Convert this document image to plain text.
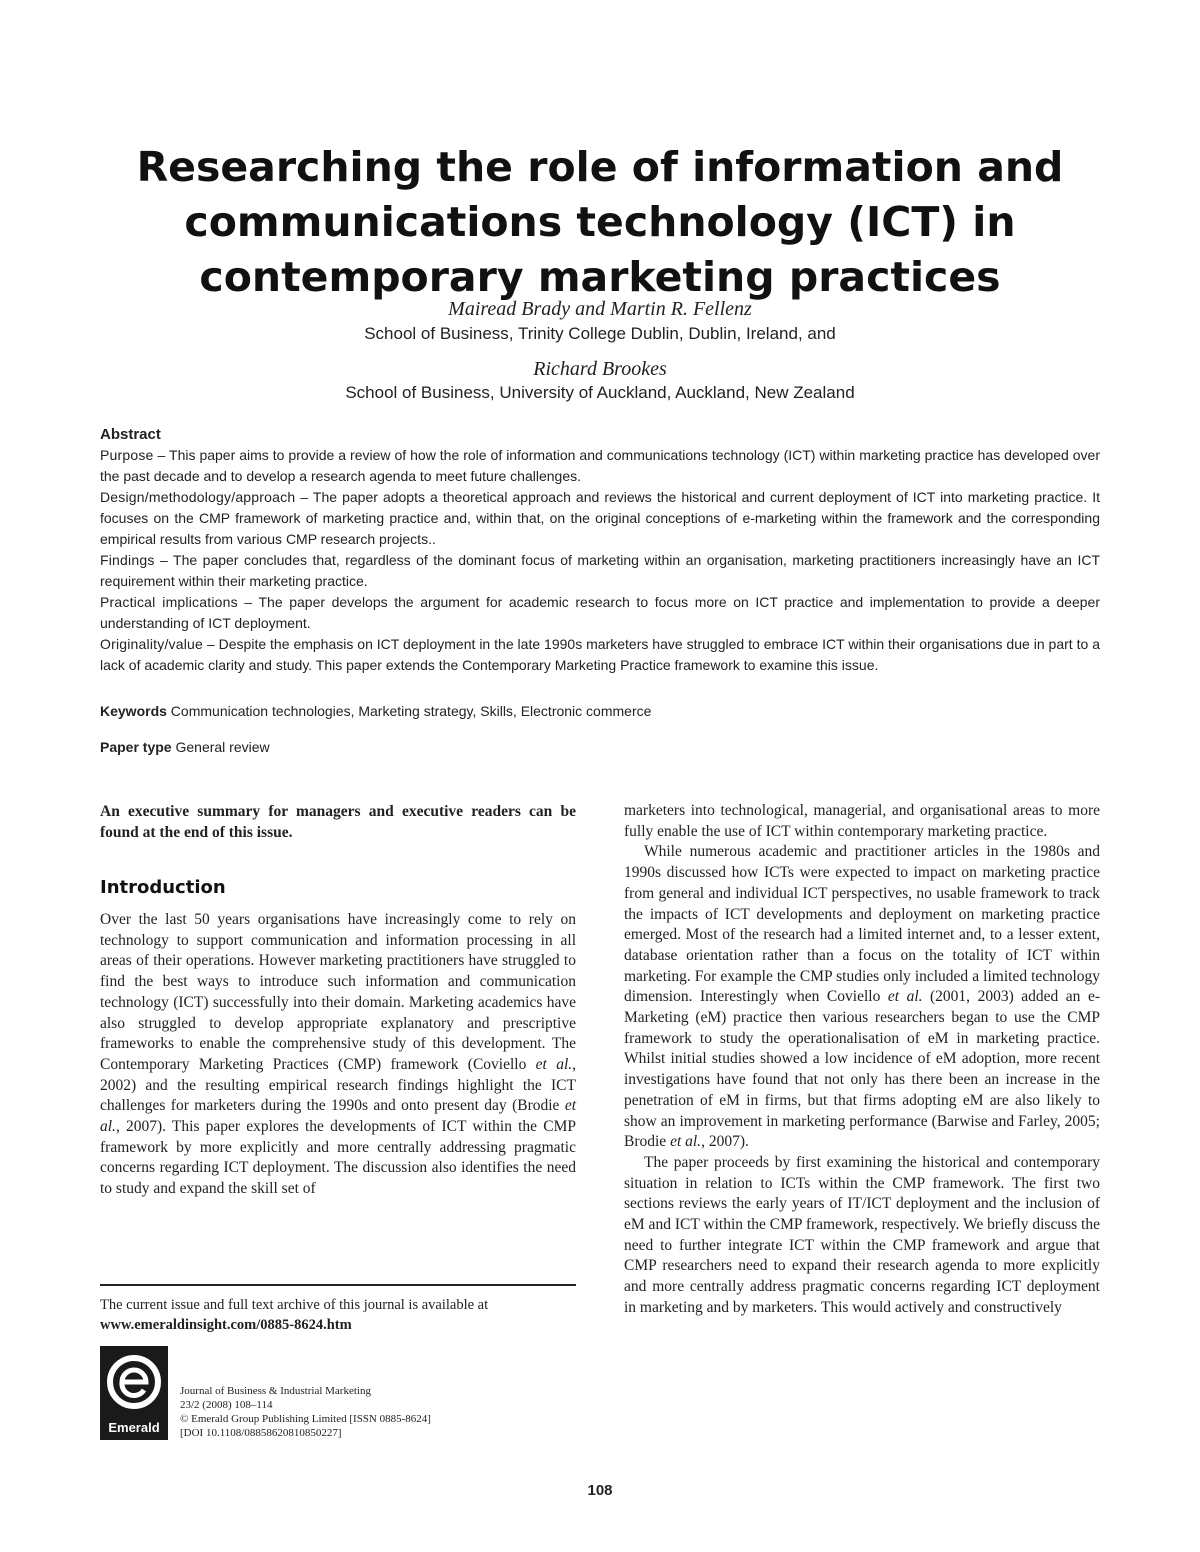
Researching the role of information and
communications technology (ICT) in
contemporary marketing practices
Mairead Brady and Martin R. Fellenz
School of Business, Trinity College Dublin, Dublin, Ireland, and
Richard Brookes
School of Business, University of Auckland, Auckland, New Zealand
Abstract

Purpose – This paper aims to provide a review of how the role of information and communications technology (ICT) within marketing practice has developed over the past decade and to develop a research agenda to meet future challenges.

Design/methodology/approach – The paper adopts a theoretical approach and reviews the historical and current deployment of ICT into marketing practice. It focuses on the CMP framework of marketing practice and, within that, on the original conceptions of e-marketing within the framework and the corresponding empirical results from various CMP research projects..

Findings – The paper concludes that, regardless of the dominant focus of marketing within an organisation, marketing practitioners increasingly have an ICT requirement within their marketing practice.

Practical implications – The paper develops the argument for academic research to focus more on ICT practice and implementation to provide a deeper understanding of ICT deployment.

Originality/value – Despite the emphasis on ICT deployment in the late 1990s marketers have struggled to embrace ICT within their organisations due in part to a lack of academic clarity and study. This paper extends the Contemporary Marketing Practice framework to examine this issue.

Keywords Communication technologies, Marketing strategy, Skills, Electronic commerce
Paper type General review
An executive summary for managers and executive readers can be found at the end of this issue.
Introduction

Over the last 50 years organisations have increasingly come to rely on technology to support communication and information processing in all areas of their operations. However marketing practitioners have struggled to find the best ways to introduce such information and communication technology (ICT) successfully into their domain. Marketing academics have also struggled to develop appropriate explanatory and prescriptive frameworks to enable the comprehensive study of this development. The Contemporary Marketing Practices (CMP) framework (Coviello et al., 2002) and the resulting empirical research findings highlight the ICT challenges for marketers during the 1990s and onto present day (Brodie et al., 2007). This paper explores the developments of ICT within the CMP framework by more explicitly and more centrally addressing pragmatic concerns regarding ICT deployment. The discussion also identifies the need to study and expand the skill set of

The current issue and full text archive of this journal is available at
www.emeraldinsight.com/0885-8624.htm
Emerald
Journal of Business & Industrial Marketing
23/2 (2008) 108–114
© Emerald Group Publishing Limited [ISSN 0885-8624]
[DOI 10.1108/08858620810850227]

marketers into technological, managerial, and organisational areas to more fully enable the use of ICT within contemporary marketing practice.

While numerous academic and practitioner articles in the 1980s and 1990s discussed how ICTs were expected to impact on marketing practice from general and individual ICT perspectives, no usable framework to track the impacts of ICT developments and deployment on marketing practice emerged. Most of the research had a limited internet and, to a lesser extent, database orientation rather than a focus on the totality of ICT within marketing. For example the CMP studies only included a limited technology dimension. Interestingly when Coviello et al. (2001, 2003) added an e-Marketing (eM) practice then various researchers began to use the CMP framework to study the operationalisation of eM in marketing practice. Whilst initial studies showed a low incidence of eM adoption, more recent investigations have found that not only has there been an increase in the penetration of eM in firms, but that firms adopting eM are also likely to show an improvement in marketing performance (Barwise and Farley, 2005; Brodie et al., 2007).

The paper proceeds by first examining the historical and contemporary situation in relation to ICTs within the CMP framework. The first two sections reviews the early years of IT/ICT deployment and the inclusion of eM and ICT within the CMP framework, respectively. We briefly discuss the need to further integrate ICT within the CMP framework and argue that CMP researchers need to expand their research agenda to more explicitly and more centrally address pragmatic concerns regarding ICT deployment in marketing and by marketers. This would actively and constructively

108
